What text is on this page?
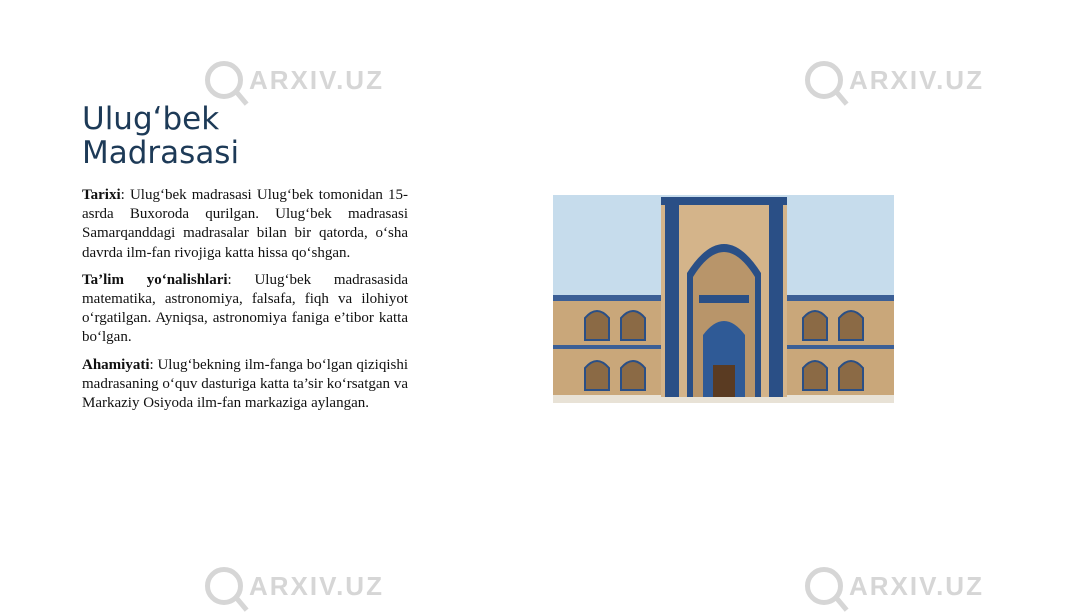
ARXIV.UZ	ARXIV.UZ
ARXIV.UZ	ARXIV.UZ
Ulug‘bek
Madrasasi

Tarixi: Ulug‘bek madrasasi Ulug‘bek tomonidan 15-asrda Buxoroda qurilgan. Ulug‘bek madrasasi Samarqanddagi madrasalar bilan bir qatorda, o‘sha davrda ilm-fan rivojiga katta hissa qo‘shgan.

Ta’lim yo‘nalishlari: Ulug‘bek madrasasida matematika, astronomiya, falsafa, fiqh va ilohiyot o‘rgatilgan. Ayniqsa, astronomiya faniga e’tibor katta bo‘lgan.

Ahamiyati: Ulug‘bekning ilm-fanga bo‘lgan qiziqishi madrasaning o‘quv dasturiga katta ta’sir ko‘rsatgan va Markaziy Osiyoda ilm-fan markaziga aylangan.
